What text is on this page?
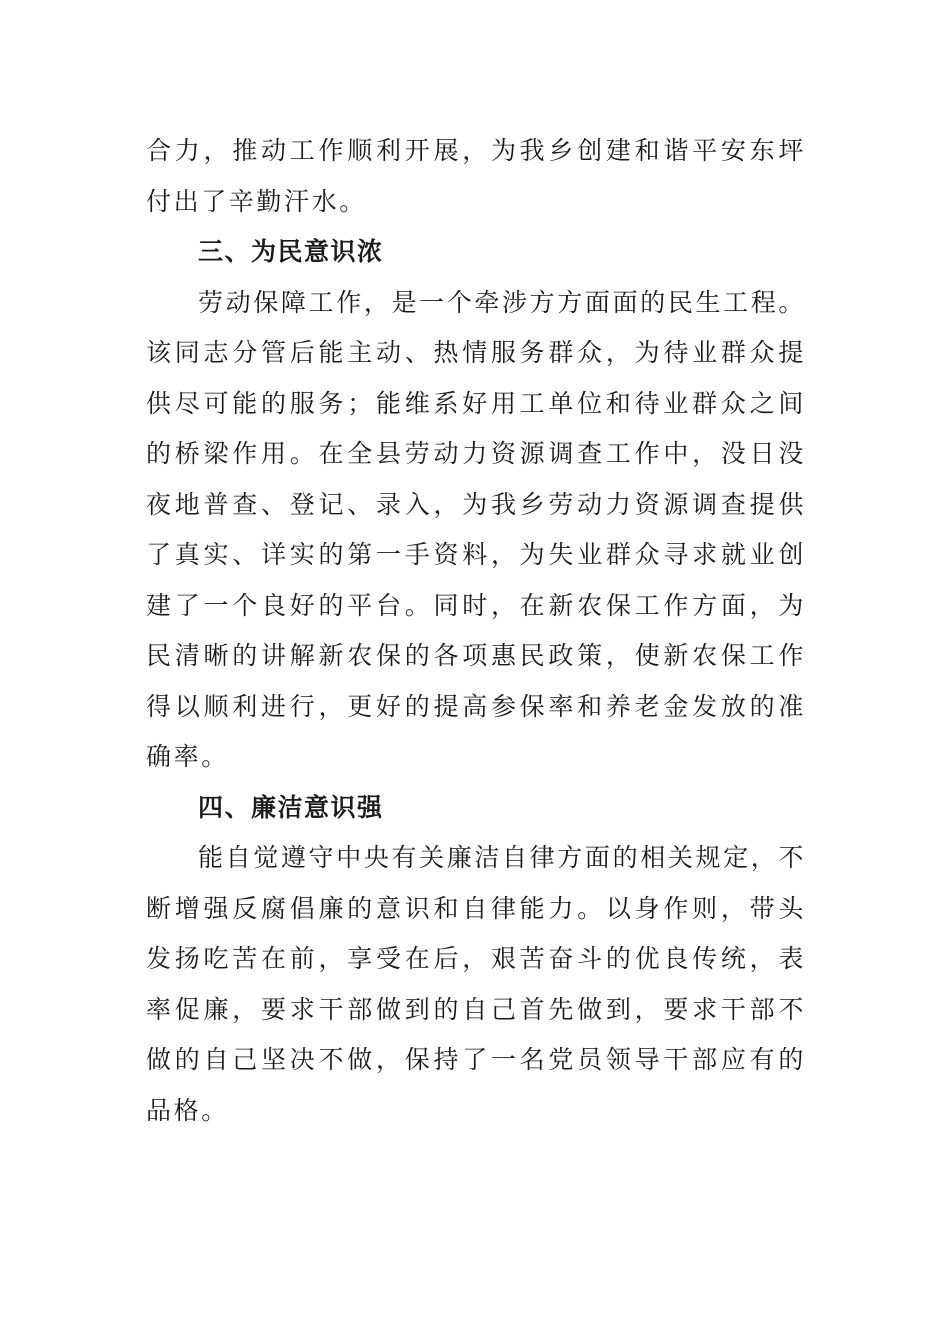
合力，推动工作顺利开展，为我乡创建和谐平安东坪付出了辛勤汗水。

三、为民意识浓

劳动保障工作，是一个牵涉方方面面的民生工程。该同志分管后能主动、热情服务群众，为待业群众提供尽可能的服务；能维系好用工单位和待业群众之间的桥梁作用。在全县劳动力资源调查工作中，没日没夜地普查、登记、录入，为我乡劳动力资源调查提供了真实、详实的第一手资料，为失业群众寻求就业创建了一个良好的平台。同时，在新农保工作方面，为民清晰的讲解新农保的各项惠民政策，使新农保工作得以顺利进行，更好的提高参保率和养老金发放的准确率。

四、廉洁意识强

能自觉遵守中央有关廉洁自律方面的相关规定，不断增强反腐倡廉的意识和自律能力。以身作则，带头发扬吃苦在前，享受在后，艰苦奋斗的优良传统，表率促廉，要求干部做到的自己首先做到，要求干部不做的自己坚决不做，保持了一名党员领导干部应有的品格。
